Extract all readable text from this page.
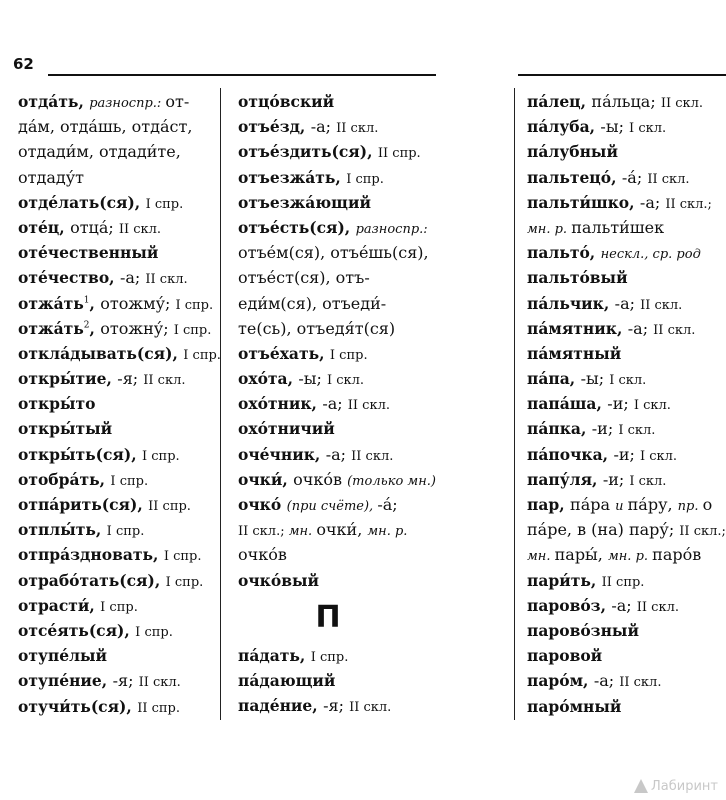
62
отда́ть, разноспр.: от-
да́м, отда́шь, отда́ст,
отдади́м, отдади́те,
отдаду́т
отде́лать(ся), I спр.
оте́ц, отца́; II скл.
оте́чественный
оте́чество, -а; II скл.
$отжа́ть^1$, отожму́; I спр.
$отжа́ть^2$, отожну́; I спр.
откла́дывать(ся), I спр.
откры́тие, -я; II скл.
откры́то
откры́тый
откры́ть(ся), I спр.
отобра́ть, I спр.
отпа́рить(ся), II спр.
отплы́ть, I спр.
отпра́здновать, I спр.
отрабо́тать(ся), I спр.
отрасти́, I спр.
отсе́ять(ся), I спр.
отупе́лый
отупе́ние, -я; II скл.
отучи́ть(ся), II спр.
отцо́вский
отъе́зд, -а; II скл.
отъе́здить(ся), II спр.
отъезжа́ть, I спр.
отъезжа́ющий
отъе́сть(ся), разноспр.:
отъе́м(ся), отъе́шь(ся),
отъе́ст(ся), отъ-
еди́м(ся), отъеди́-
те(сь), отъедя́т(ся)
отъе́хать, I спр.
охо́та, -ы; I скл.
охо́тник, -а; II скл.
охо́тничий
оче́чник, -а; II скл.
очки́, очко́в (только мн.)
очко́ (при счёте), -а́;
II скл.; мн. очки́, мн. р.
очко́в
очко́вый
П
па́дать, I спр.
па́дающий
паде́ние, -я; II скл.
па́лец, па́льца; II скл.
па́луба, -ы; I скл.
па́лубный
пальтецо́, -а́; II скл.
пальти́шко, -а; II скл.;
мн. р. пальти́шек
пальто́, нескл., ср. род
пальто́вый
па́льчик, -а; II скл.
па́мятник, -а; II скл.
па́мятный
па́па, -ы; I скл.
папа́ша, -и; I скл.
па́пка, -и; I скл.
па́почка, -и; I скл.
папу́ля, -и; I скл.
пар, па́ра и па́ру, пр. о
па́ре, в (на) пару́; II скл.;
мн. пары́, мн. р. паро́в
пари́ть, II спр.
парово́з, -а; II скл.
парово́зный
паровой
паро́м, -а; II скл.
паро́мный
Лабиринт
